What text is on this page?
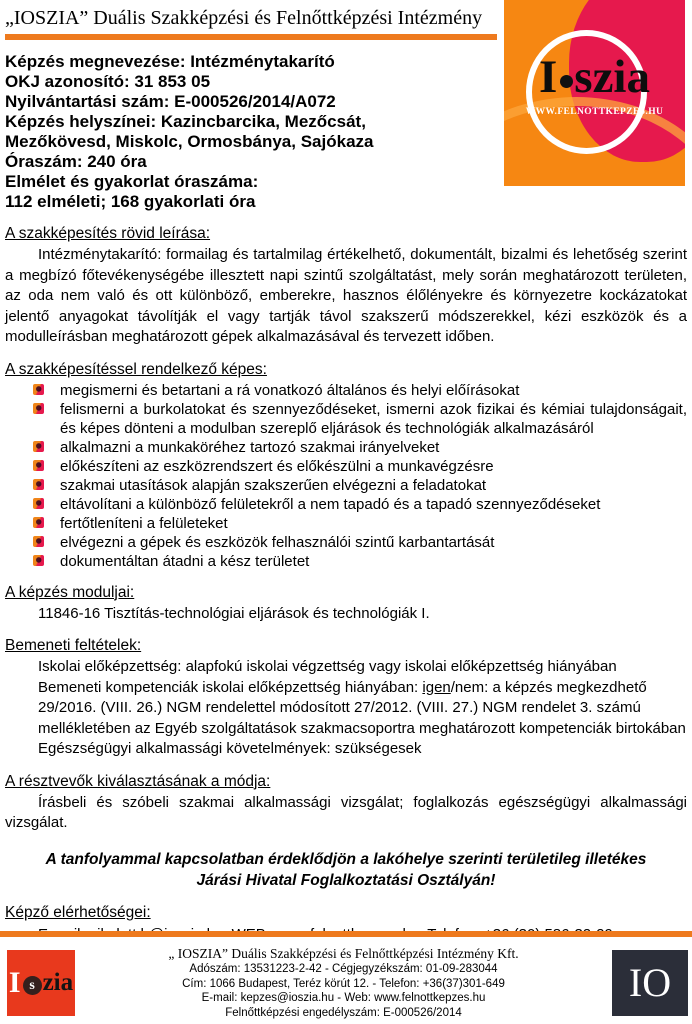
„IOSZIA” Duális Szakképzési és Felnőttképzési Intézmény
I szia
WWW.FELNOTTKEPZES.HU
Képzés megnevezése: Intézménytakarító
OKJ azonosító: 31 853 05
Nyilvántartási szám: E-000526/2014/A072
Képzés helyszínei: Kazincbarcika, Mezőcsát,
Mezőkövesd, Miskolc, Ormosbánya, Sajókaza
Óraszám: 240 óra
Elmélet és gyakorlat óraszáma:
112 elméleti; 168 gyakorlati óra
A szakképesítés rövid leírása:

Intézménytakarító: formailag és tartalmilag értékelhető, dokumentált, bizalmi és lehetőség szerint a megbízó főtevékenységébe illesztett napi szintű szolgáltatást, mely során meghatározott területen, az oda nem való és ott különböző, emberekre, hasznos élőlényekre és környezetre kockázatokat jelentő anyagokat távolítják el vagy tartják távol szakszerű módszerekkel, kézi eszközök és a modulleírásban meghatározott gépek alkalmazásával és tervezett időben.

A szakképesítéssel rendelkező képes:
megismerni és betartani a rá vonatkozó általános és helyi előírásokat
felismerni a burkolatokat és szennyeződéseket, ismerni azok fizikai és kémiai tulajdonságait, és képes dönteni a modulban szereplő eljárások és technológiák alkalmazásáról
alkalmazni a munkaköréhez tartozó szakmai irányelveket
előkészíteni az eszközrendszert és előkészülni a munkavégzésre
szakmai utasítások alapján szakszerűen elvégezni a feladatokat
eltávolítani a különböző felületekről a nem tapadó és a tapadó szennyeződéseket
fertőtleníteni a felületeket
elvégezni a gépek és eszközök felhasználói szintű karbantartását
dokumentáltan átadni a kész területet
A képzés moduljai:

11846-16 Tisztítás-technológiai eljárások és technológiák I.

Bemeneti feltételek:

Iskolai előképzettség: alapfokú iskolai végzettség vagy iskolai előképzettség hiányában

Bemeneti kompetenciák iskolai előképzettség hiányában: igen/nem: a képzés megkezdhető 29/2016. (VIII. 26.) NGM rendelettel módosított 27/2012. (VIII. 27.) NGM rendelet 3. számú mellékletében az Egyéb szolgáltatások szakmacsoportra meghatározott kompetenciák birtokában

Egészségügyi alkalmassági követelmények: szükségesek

A résztvevők kiválasztásának a módja:

Írásbeli és szóbeli szakmai alkalmassági vizsgálat; foglalkozás egészségügyi alkalmassági vizsgálat.

A tanfolyammal kapcsolatban érdeklődjön a lakóhelye szerinti területileg illetékes Járási Hivatal Foglalkoztatási Osztályán!
Képző elérhetőségei:
I s zia
„ IOSZIA” Duális Szakképzési és Felnőttképzési Intézmény Kft.
Adószám: 13531223-2-42 - Cégjegyzékszám: 01-09-283044
Cím: 1066 Budapest, Teréz körút 12. - Telefon: +36(37)301-649
E-mail: kepzes@ioszia.hu - Web: www.felnottkepzes.hu
Felnőttképzési engedélyszám: E-000526/2014
IO
